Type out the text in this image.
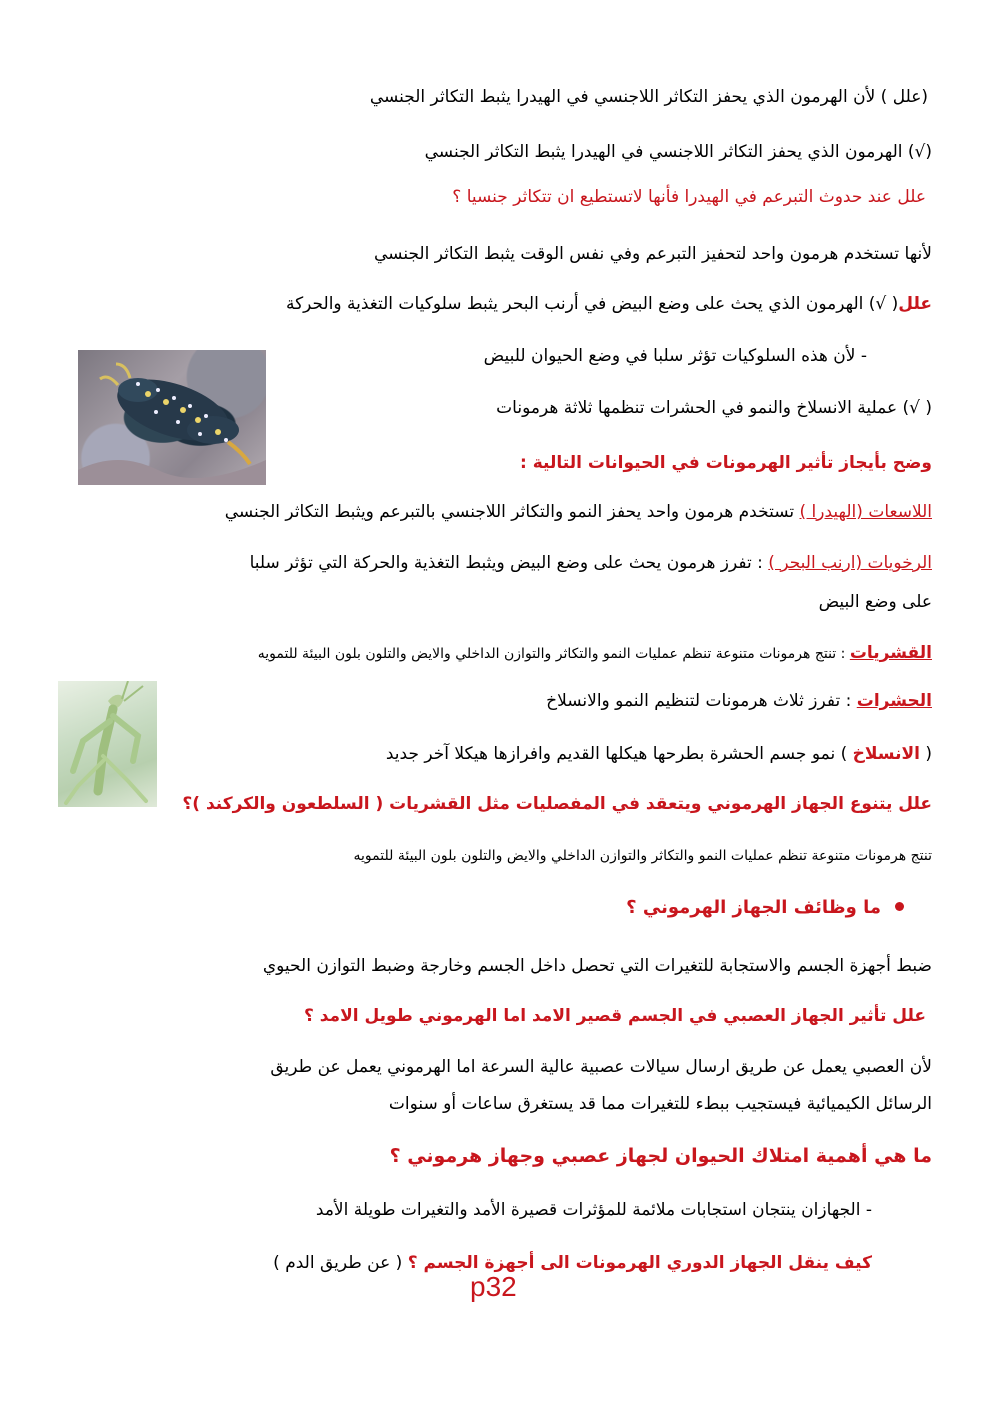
(علل ) لأن الهرمون الذي يحفز التكاثر اللاجنسي في الهيدرا يثبط التكاثر الجنسي
(√) الهرمون الذي يحفز التكاثر اللاجنسي في الهيدرا يثبط التكاثر الجنسي
علل عند حدوث التبرعم في الهيدرا فأنها لاتستطيع ان تتكاثر جنسيا ؟
لأنها تستخدم هرمون واحد لتحفيز التبرعم وفي نفس الوقت يثبط التكاثر الجنسي
علل( √) الهرمون الذي يحث على وضع البيض في أرنب البحر يثبط سلوكيات التغذية والحركة
- لأن هذه السلوكيات تؤثر سلبا في وضع الحيوان للبيض
( √) عملية الانسلاخ والنمو في الحشرات تنظمها ثلاثة هرمونات
وضح بأيجاز تأثير الهرمونات في الحيوانات التالية :
اللاسعات (الهيدرا ) تستخدم هرمون واحد يحفز النمو والتكاثر اللاجنسي بالتبرعم ويثبط التكاثر الجنسي
الرخويات (ارنب البحر ) : تفرز هرمون يحث على وضع البيض ويثبط التغذية والحركة التي تؤثر سلبا
على وضع البيض
القشريات : تنتج هرمونات متنوعة تنظم عمليات النمو والتكاثر والتوازن الداخلي والايض والتلون بلون البيئة للتمويه
الحشرات : تفرز ثلاث هرمونات لتنظيم النمو والانسلاخ
( الانسلاخ ) نمو جسم الحشرة بطرحها هيكلها القديم وافرازها هيكلا آخر جديد
علل يتنوع الجهاز الهرموني ويتعقد في المفصليات مثل القشريات ( السلطعون والكركند )؟
تنتج هرمونات متنوعة تنظم عمليات النمو والتكاثر والتوازن الداخلي والايض والتلون بلون البيئة للتمويه
ما وظائف الجهاز الهرموني ؟
ضبط أجهزة الجسم والاستجابة للتغيرات التي تحصل داخل الجسم وخارجة وضبط التوازن الحيوي
علل تأثير الجهاز العصبي في الجسم قصير الامد اما الهرموني طويل الامد ؟
لأن العصبي يعمل عن طريق ارسال سيالات عصبية عالية السرعة اما الهرموني يعمل عن طريق
الرسائل الكيميائية فيستجيب ببطء للتغيرات مما قد يستغرق ساعات أو سنوات
ما هي أهمية امتلاك الحيوان لجهاز عصبي وجهاز هرموني ؟
- الجهازان ينتجان استجابات ملائمة للمؤثرات قصيرة الأمد والتغيرات طويلة الأمد
كيف ينقل الجهاز الدوري الهرمونات الى أجهزة الجسم ؟ ( عن طريق الدم )
p32
